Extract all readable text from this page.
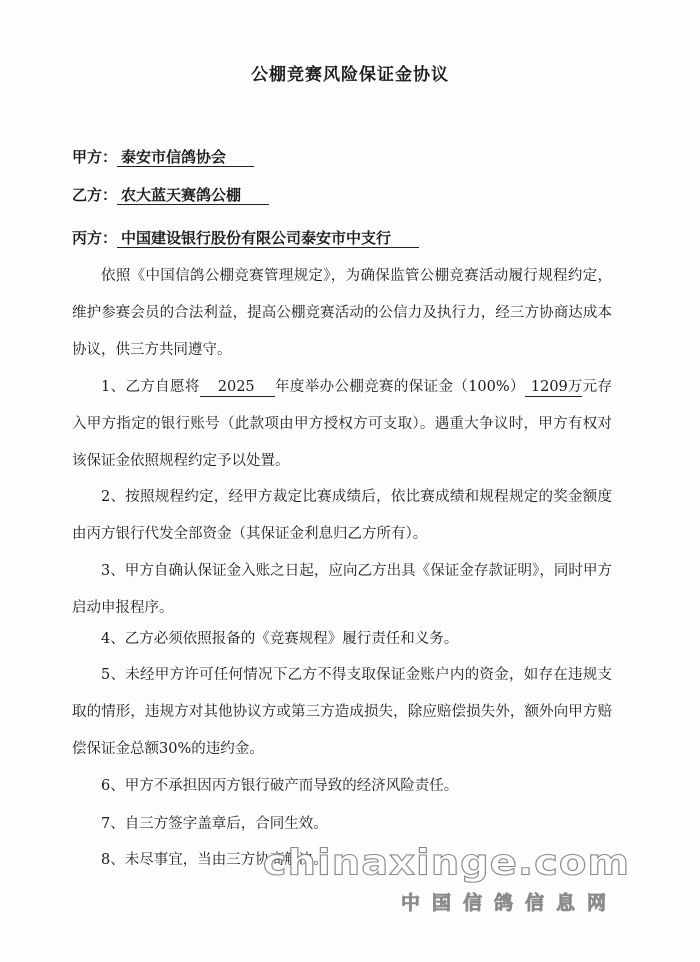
公棚竞赛风险保证金协议
甲方： 泰安市信鸽协会
乙方： 农大蓝天赛鸽公棚
丙方： 中国建设银行股份有限公司泰安市中支行

依照《中国信鸽公棚竞赛管理规定》，为确保监管公棚竞赛活动履行规程约定，维护参赛会员的合法利益，提高公棚竞赛活动的公信力及执行力，经三方协商达成本协议，供三方共同遵守。

1、乙方自愿将 2025 年度举办公棚竞赛的保证金（100%） 1209万元存入甲方指定的银行账号（此款项由甲方授权方可支取）。遇重大争议时，甲方有权对该保证金依照规程约定予以处置。

2、按照规程约定，经甲方裁定比赛成绩后，依比赛成绩和规程规定的奖金额度由丙方银行代发全部资金（其保证金利息归乙方所有）。

3、甲方自确认保证金入账之日起，应向乙方出具《保证金存款证明》，同时甲方启动申报程序。

4、乙方必须依照报备的《竞赛规程》履行责任和义务。

5、未经甲方许可任何情况下乙方不得支取保证金账户内的资金，如存在违规支取的情形，违规方对其他协议方或第三方造成损失，除应赔偿损失外，额外向甲方赔偿保证金总额30%的违约金。

6、甲方不承担因丙方银行破产而导致的经济风险责任。

7、自三方签字盖章后，合同生效。

8、未尽事宜，当由三方协商解决。

chinaxinge.com
中国信鸽信息网
